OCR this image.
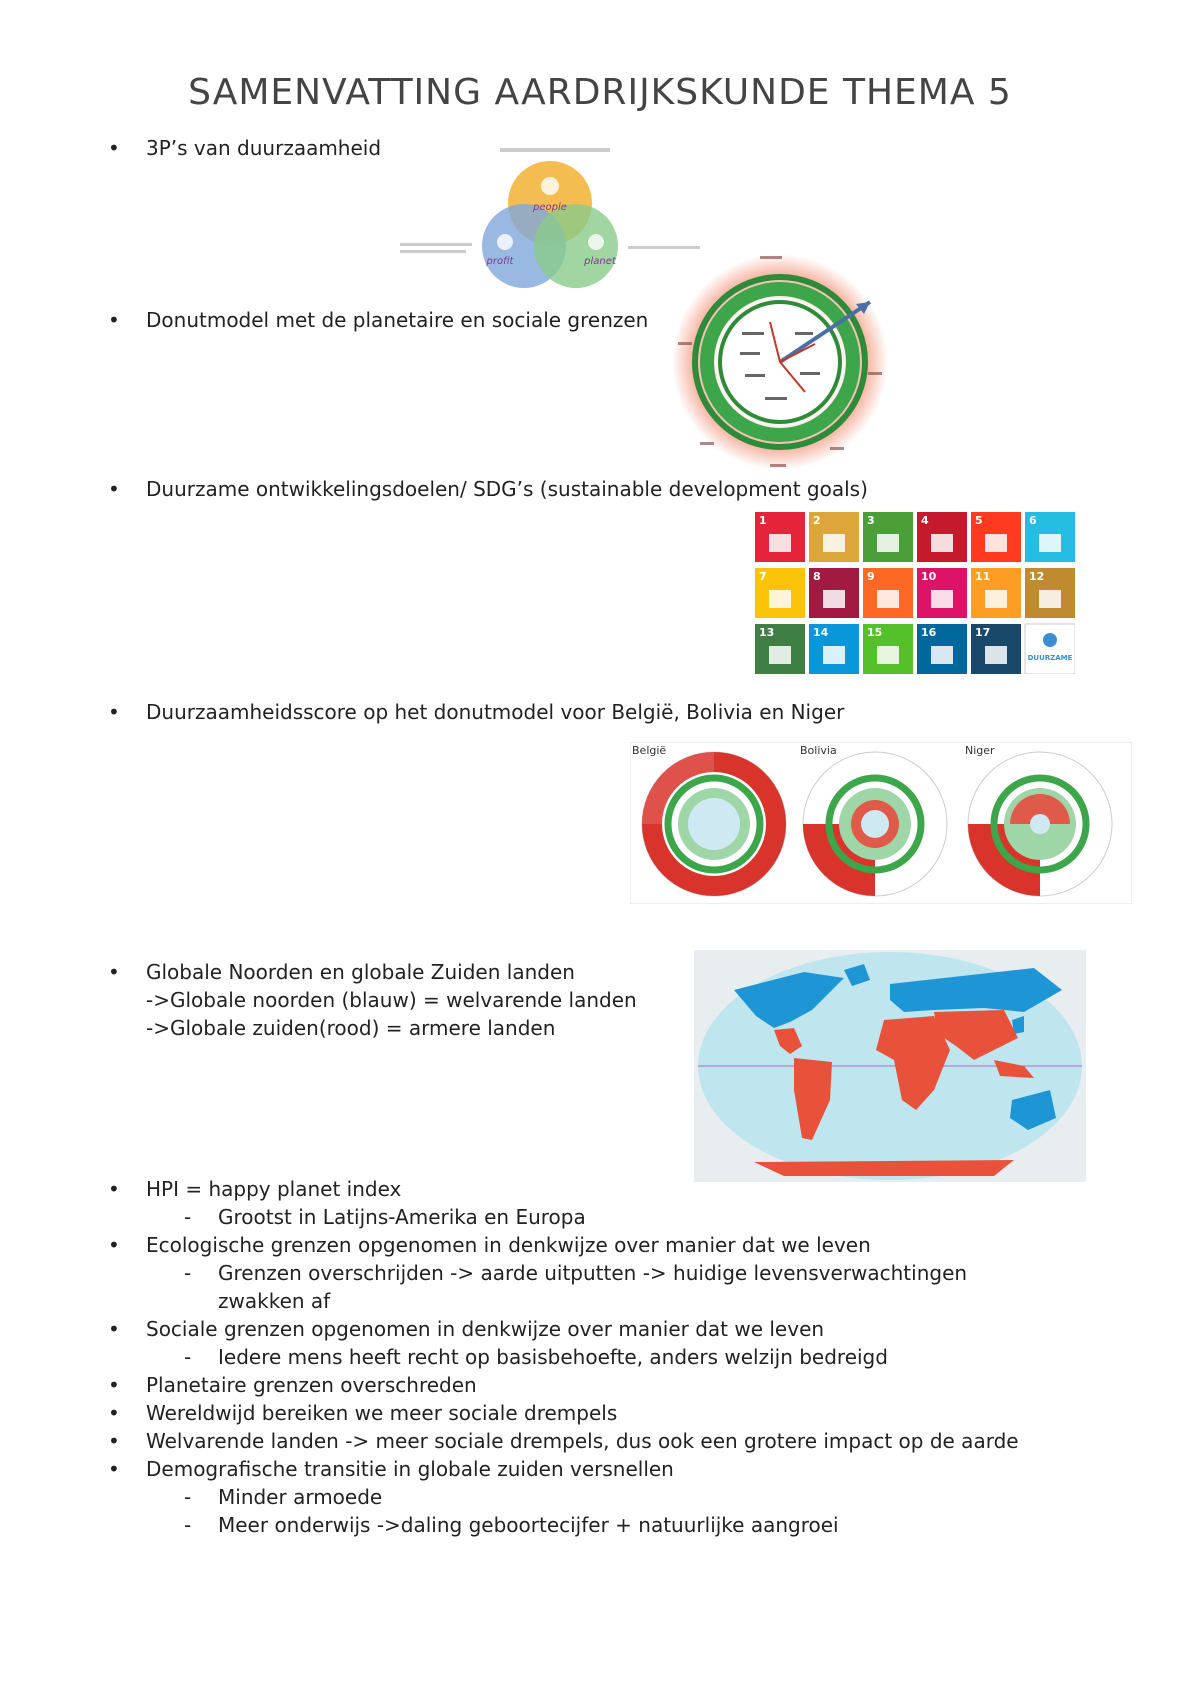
SAMENVATTING AARDRIJKSKUNDE THEMA 5
• 3P’s van duurzaamheid
people
profit	planet
• Donutmodel met de planetaire en sociale grenzen
• Duurzame ontwikkelingsdoelen/ SDG’s (sustainable development goals)
1	2	3	4	5	6
7	8	9	10	11	12
13	14	15	16	17
DUURZAME
• Duurzaamheidsscore op het donutmodel voor België, Bolivia en Niger
België	Bolivia	Niger
• Globale Noorden en globale Zuiden landen
->Globale noorden (blauw) = welvarende landen
->Globale zuiden(rood) = armere landen
• HPI = happy planet index
- Grootst in Latijns-Amerika en Europa
• Ecologische grenzen opgenomen in denkwijze over manier dat we leven
- Grenzen overschrijden -> aarde uitputten -> huidige levensverwachtingen
zwakken af
• Sociale grenzen opgenomen in denkwijze over manier dat we leven
- Iedere mens heeft recht op basisbehoefte, anders welzijn bedreigd
• Planetaire grenzen overschreden
• Wereldwijd bereiken we meer sociale drempels
• Welvarende landen -> meer sociale drempels, dus ook een grotere impact op de aarde
• Demografische transitie in globale zuiden versnellen
- Minder armoede
- Meer onderwijs ->daling geboortecijfer + natuurlijke aangroei
